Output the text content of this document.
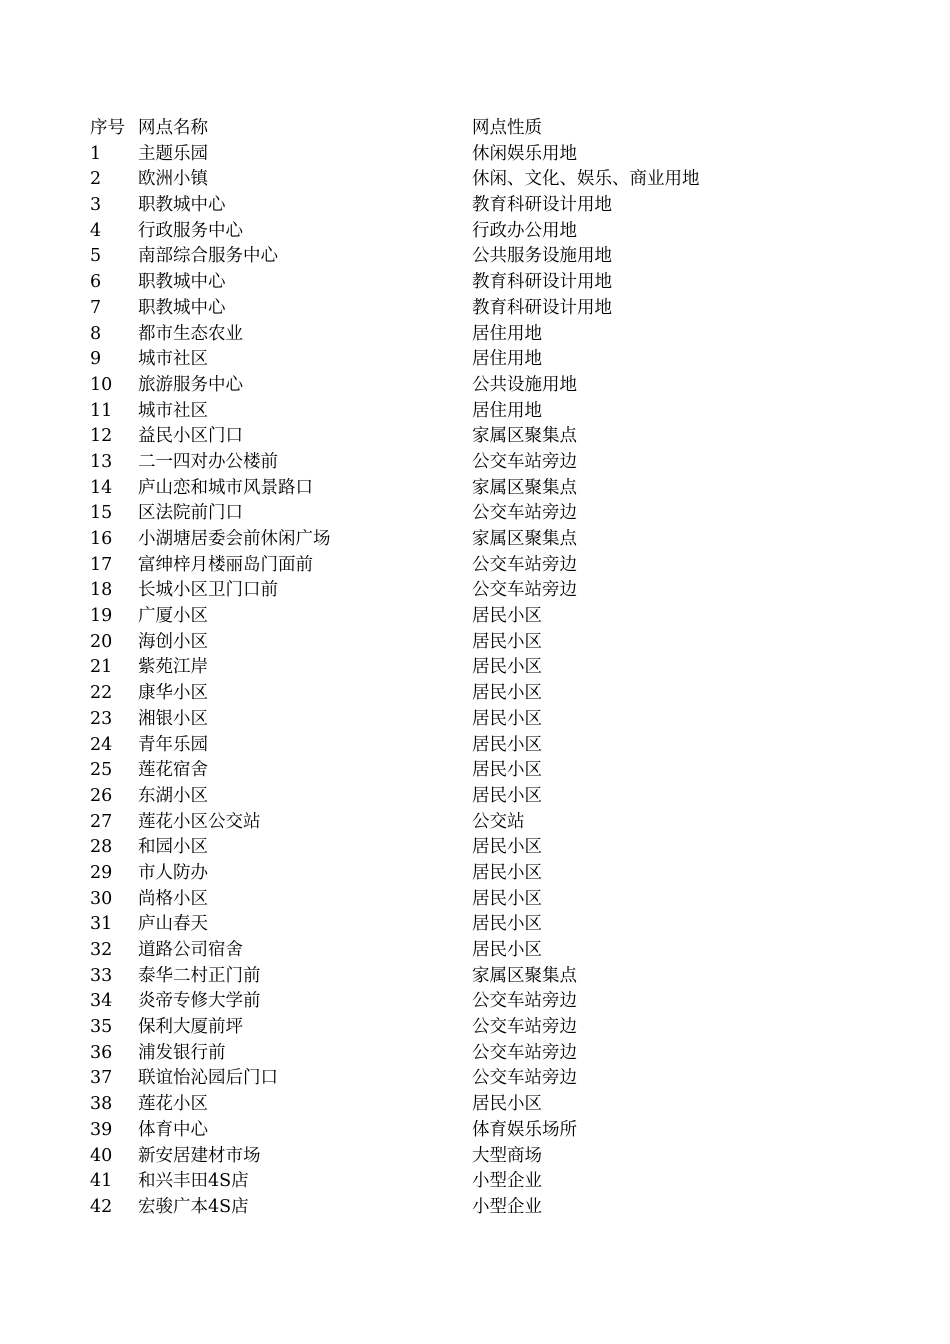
序号 网点名称	网点性质
1	主题乐园	休闲娱乐用地
2	欧洲小镇	休闲、文化、娱乐、商业用地
3	职教城中心	教育科研设计用地
4	行政服务中心	行政办公用地
5	南部综合服务中心	公共服务设施用地
6	职教城中心	教育科研设计用地
7	职教城中心	教育科研设计用地
8	都市生态农业	居住用地
9	城市社区	居住用地
10	旅游服务中心	公共设施用地
11	城市社区	居住用地
12	益民小区门口	家属区聚集点
13	二一四对办公楼前	公交车站旁边
14	庐山恋和城市风景路口	家属区聚集点
15	区法院前门口	公交车站旁边
16	小湖塘居委会前休闲广场	家属区聚集点
17	富绅梓月楼丽岛门面前	公交车站旁边
18	长城小区卫门口前	公交车站旁边
19	广厦小区	居民小区
20	海创小区	居民小区
21	紫苑江岸	居民小区
22	康华小区	居民小区
23	湘银小区	居民小区
24	青年乐园	居民小区
25	莲花宿舍	居民小区
26	东湖小区	居民小区
27	莲花小区公交站	公交站
28	和园小区	居民小区
29	市人防办	居民小区
30	尚格小区	居民小区
31	庐山春天	居民小区
32	道路公司宿舍	居民小区
33	泰华二村正门前	家属区聚集点
34	炎帝专修大学前	公交车站旁边
35	保利大厦前坪	公交车站旁边
36	浦发银行前	公交车站旁边
37	联谊怡沁园后门口	公交车站旁边
38	莲花小区	居民小区
39	体育中心	体育娱乐场所
40	新安居建材市场	大型商场
41	和兴丰田4S店	小型企业
42	宏骏广本4S店	小型企业
